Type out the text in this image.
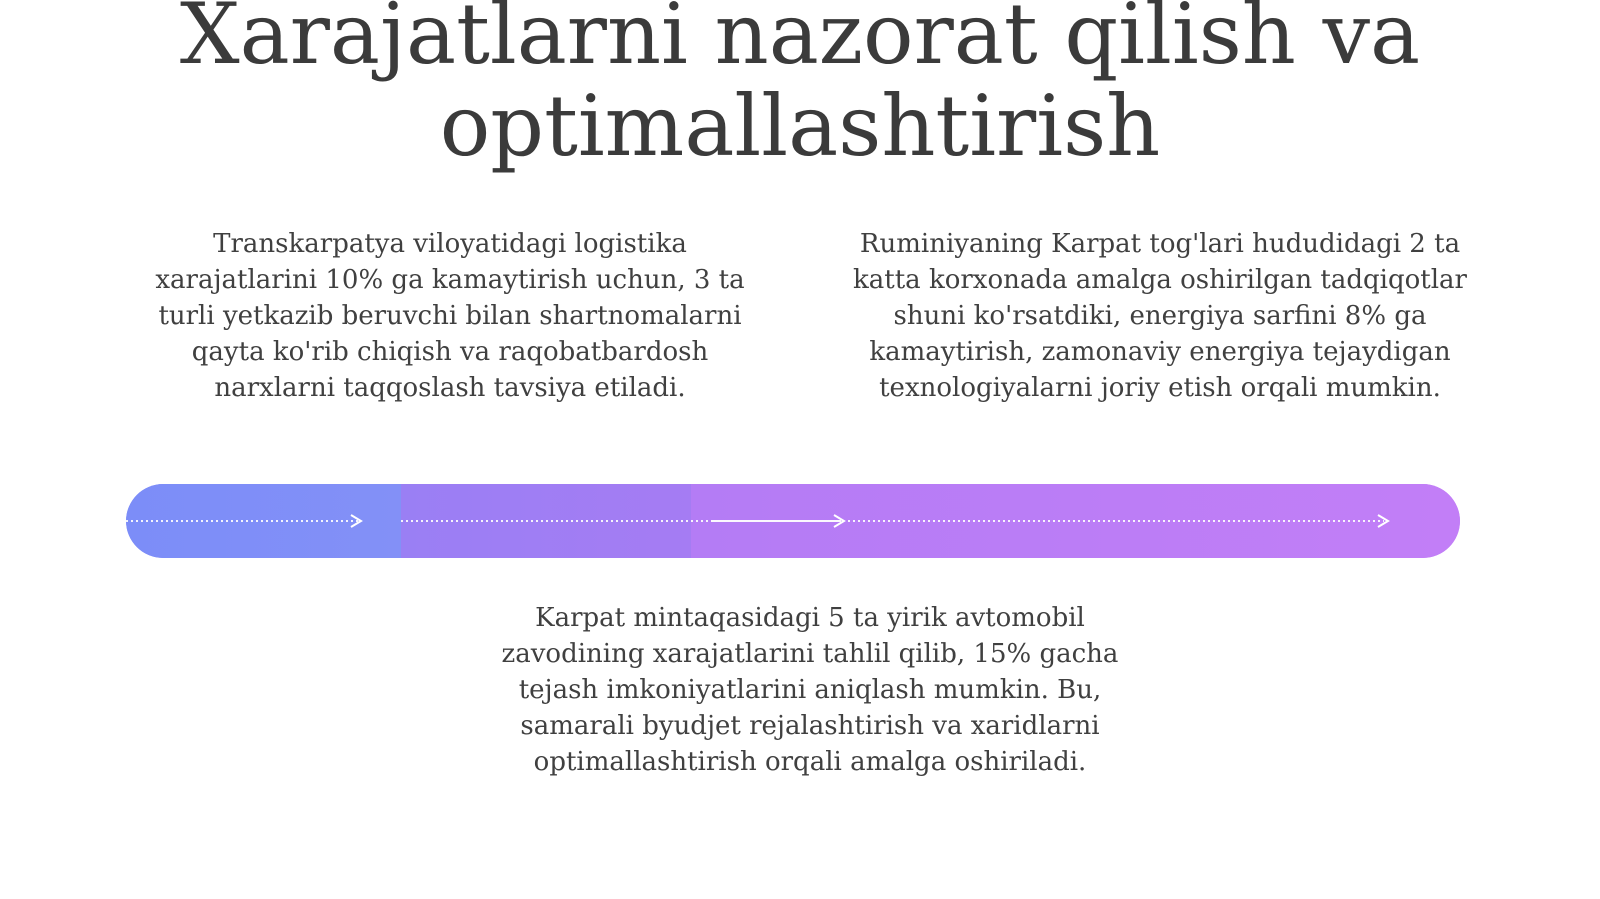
Xarajatlarni nazorat qilish va optimallashtirish

Transkarpatya viloyatidagi logistika xarajatlarini 10% ga kamaytirish uchun, 3 ta turli yetkazib beruvchi bilan shartnomalarni qayta ko'rib chiqish va raqobatbardosh narxlarni taqqoslash tavsiya etiladi.

Ruminiyaning Karpat tog'lari hududidagi 2 ta katta korxonada amalga oshirilgan tadqiqotlar shuni ko'rsatdiki, energiya sarfini 8% ga kamaytirish, zamonaviy energiya tejaydigan texnologiyalarni joriy etish orqali mumkin.

Karpat mintaqasidagi 5 ta yirik avtomobil zavodining xarajatlarini tahlil qilib, 15% gacha tejash imkoniyatlarini aniqlash mumkin. Bu, samarali byudjet rejalashtirish va xaridlarni optimallashtirish orqali amalga oshiriladi.
